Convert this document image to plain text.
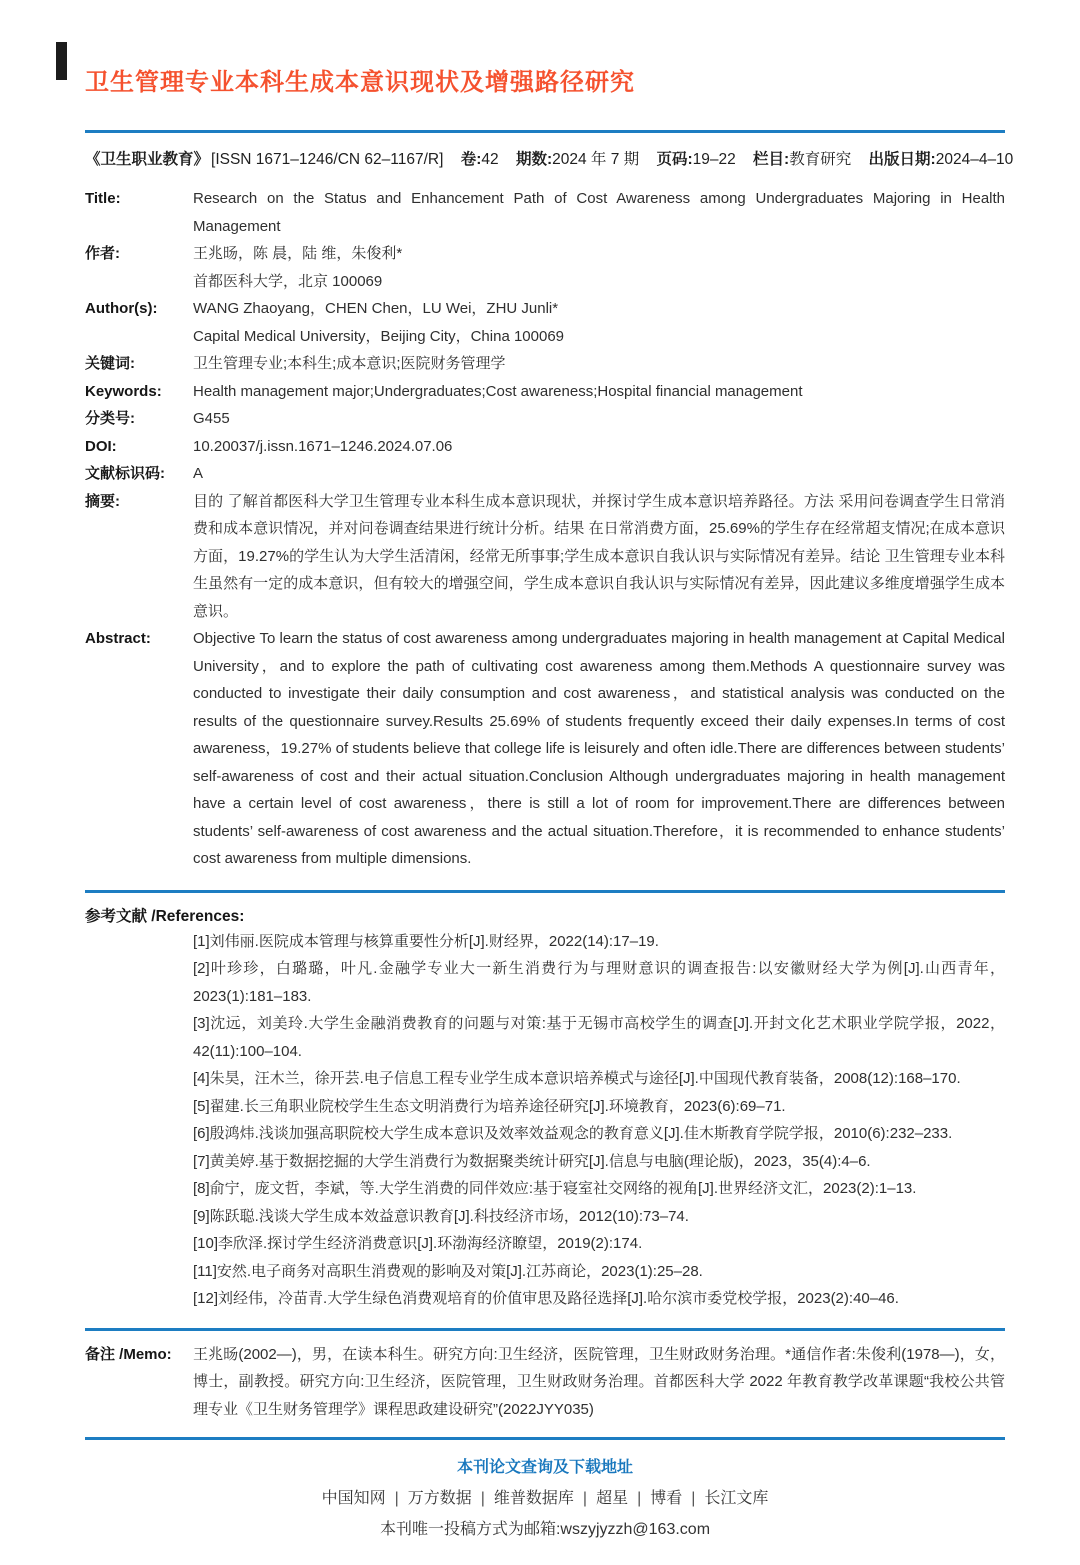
卫生管理专业本科生成本意识现状及增强路径研究
《卫生职业教育》 [ISSN 1671–1246/CN 62–1167/R] 卷:42 期数:2024 年 7 期 页码:19–22 栏目:教育研究 出版日期:2024–4–10
Title:	Research on the Status and Enhancement Path of Cost Awareness among Undergraduates Majoring in Health Management
作者:	王兆旸，陈 晨，陆 维，朱俊利*
首都医科大学，北京 100069
Author(s):	WANG Zhaoyang，CHEN Chen，LU Wei，ZHU Junli*
Capital Medical University，Beijing City，China 100069
关键词:	卫生管理专业;本科生;成本意识;医院财务管理学
Keywords:	Health management major;Undergraduates;Cost awareness;Hospital financial management
分类号:	G455
DOI:	10.20037/j.issn.1671–1246.2024.07.06
文献标识码:	A
摘要:	目的 了解首都医科大学卫生管理专业本科生成本意识现状，并探讨学生成本意识培养路径。方法 采用问卷调查学生日常消费和成本意识情况，并对问卷调查结果进行统计分析。结果 在日常消费方面，25.69%的学生存在经常超支情况;在成本意识方面，19.27%的学生认为大学生活清闲，经常无所事事;学生成本意识自我认识与实际情况有差异。结论 卫生管理专业本科生虽然有一定的成本意识，但有较大的增强空间，学生成本意识自我认识与实际情况有差异，因此建议多维度增强学生成本意识。
Abstract:	Objective To learn the status of cost awareness among undergraduates majoring in health management at Capital Medical University，and to explore the path of cultivating cost awareness among them.Methods A questionnaire survey was conducted to investigate their daily consumption and cost awareness，and statistical analysis was conducted on the results of the questionnaire survey.Results 25.69% of students frequently exceed their daily expenses.In terms of cost awareness，19.27% of students believe that college life is leisurely and often idle.There are differences between students’ self-awareness of cost and their actual situation.Conclusion Although undergraduates majoring in health management have a certain level of cost awareness，there is still a lot of room for improvement.There are differences between students’ self-awareness of cost awareness and the actual situation.Therefore，it is recommended to enhance students’ cost awareness from multiple dimensions.
参考文献 /References:

[1]刘伟丽.医院成本管理与核算重要性分析[J].财经界，2022(14):17–19.

[2]叶珍珍，白璐璐，叶凡.金融学专业大一新生消费行为与理财意识的调查报告:以安徽财经大学为例[J].山西青年，2023(1):181–183.

[3]沈远，刘美玲.大学生金融消费教育的问题与对策:基于无锡市高校学生的调查[J].开封文化艺术职业学院学报，2022，42(11):100–104.

[4]朱昊，汪木兰，徐开芸.电子信息工程专业学生成本意识培养模式与途径[J].中国现代教育装备，2008(12):168–170.

[5]翟建.长三角职业院校学生生态文明消费行为培养途径研究[J].环境教育，2023(6):69–71.

[6]殷鸿炜.浅谈加强高职院校大学生成本意识及效率效益观念的教育意义[J].佳木斯教育学院学报，2010(6):232–233.

[7]黄美婷.基于数据挖掘的大学生消费行为数据聚类统计研究[J].信息与电脑(理论版)，2023，35(4):4–6.

[8]俞宁，庞文哲，李斌，等.大学生消费的同伴效应:基于寝室社交网络的视角[J].世界经济文汇，2023(2):1–13.

[9]陈跃聪.浅谈大学生成本效益意识教育[J].科技经济市场，2012(10):73–74.

[10]李欣泽.探讨学生经济消费意识[J].环渤海经济瞭望，2019(2):174.

[11]安然.电子商务对高职生消费观的影响及对策[J].江苏商论，2023(1):25–28.

[12]刘经伟，冷苗青.大学生绿色消费观培育的价值审思及路径选择[J].哈尔滨市委党校学报，2023(2):40–46.

备注 /Memo:	王兆旸(2002—)，男，在读本科生。研究方向:卫生经济，医院管理，卫生财政财务治理。*通信作者:朱俊利(1978—)，女，博士，副教授。研究方向:卫生经济，医院管理，卫生财政财务治理。首都医科大学 2022 年教育教学改革课题“我校公共管理专业《卫生财务管理学》课程思政建设研究”(2022JYY035)
本刊论文查询及下载地址
中国知网 | 万方数据 | 维普数据库 | 超星 | 博看 | 长江文库
本刊唯一投稿方式为邮箱:wszyjyzzh@163.com
